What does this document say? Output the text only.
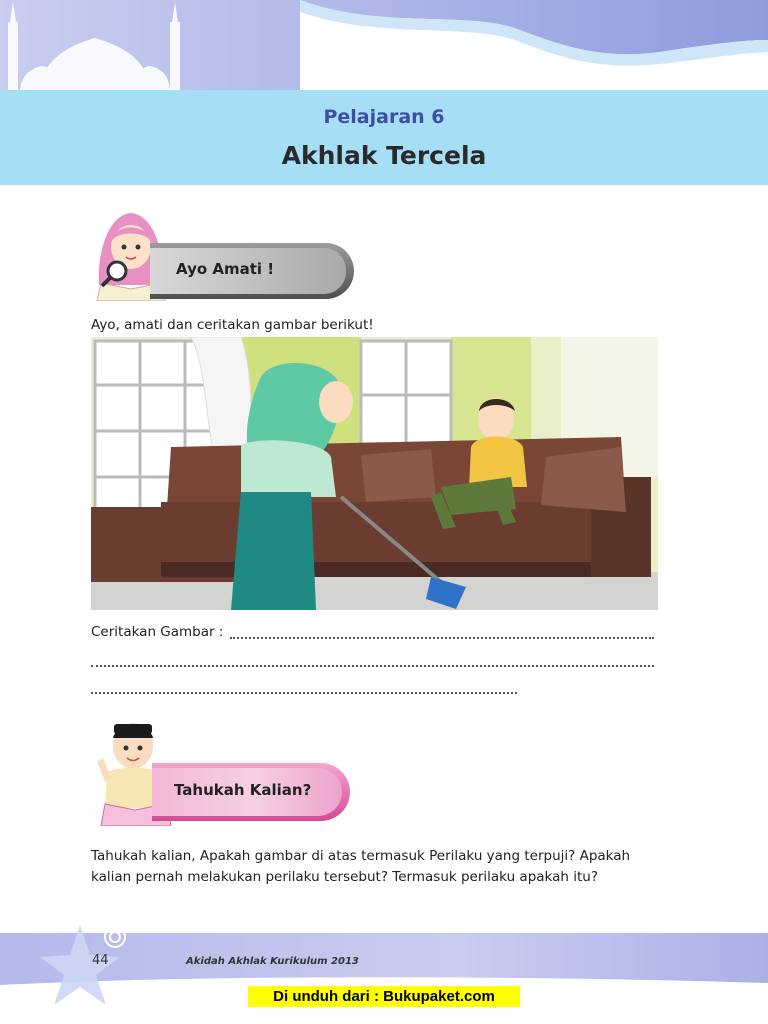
Pelajaran 6
Akhlak Tercela
Ayo Amati !
Ayo, amati dan ceritakan gambar berikut!
Ceritakan Gambar :
Tahukah Kalian?
Tahukah kalian, Apakah gambar di atas termasuk Perilaku yang terpuji? Apakah
kalian pernah melakukan perilaku tersebut? Termasuk perilaku apakah itu?
44	Akidah Akhlak Kurikulum 2013
Di unduh dari : Bukupaket.com
